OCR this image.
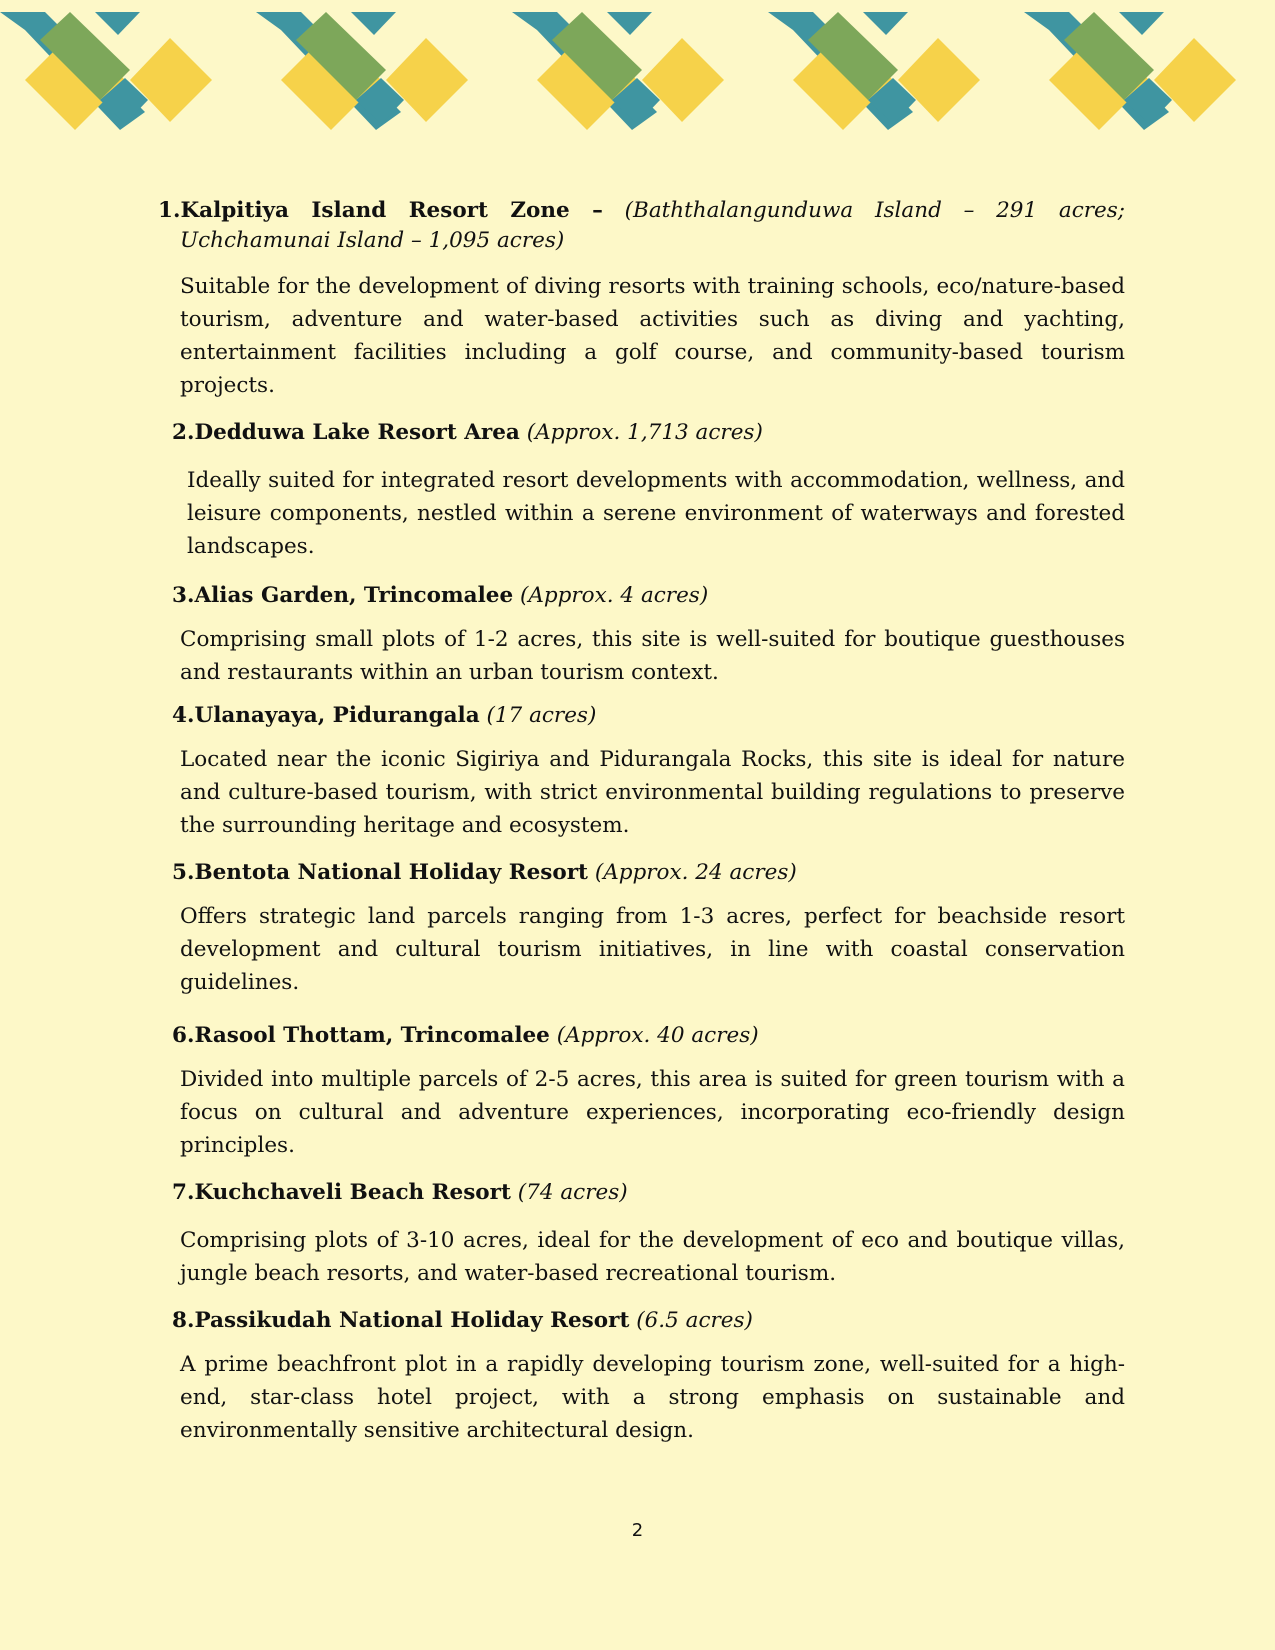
1.Kalpitiya Island Resort Zone – (Baththalangunduwa Island – 291 acres; Uchchamunai Island – 1,095 acres)

Suitable for the development of diving resorts with training schools, eco/nature-based tourism, adventure and water-based activities such as diving and yachting, entertainment facilities including a golf course, and community-based tourism projects.

2.Dedduwa Lake Resort Area (Approx. 1,713 acres)

Ideally suited for integrated resort developments with accommodation, wellness, and leisure components, nestled within a serene environment of waterways and forested landscapes.

3.Alias Garden, Trincomalee (Approx. 4 acres)

Comprising small plots of 1-2 acres, this site is well-suited for boutique guesthouses and restaurants within an urban tourism context.

4.Ulanayaya, Pidurangala (17 acres)

Located near the iconic Sigiriya and Pidurangala Rocks, this site is ideal for nature and culture-based tourism, with strict environmental building regulations to preserve the surrounding heritage and ecosystem.

5.Bentota National Holiday Resort (Approx. 24 acres)

Offers strategic land parcels ranging from 1-3 acres, perfect for beachside resort development and cultural tourism initiatives, in line with coastal conservation guidelines.

6.Rasool Thottam, Trincomalee (Approx. 40 acres)

Divided into multiple parcels of 2-5 acres, this area is suited for green tourism with a focus on cultural and adventure experiences, incorporating eco-friendly design principles.

7.Kuchchaveli Beach Resort (74 acres)

Comprising plots of 3-10 acres, ideal for the development of eco and boutique villas, jungle beach resorts, and water-based recreational tourism.

8.Passikudah National Holiday Resort (6.5 acres)

A prime beachfront plot in a rapidly developing tourism zone, well-suited for a high-end, star-class hotel project, with a strong emphasis on sustainable and environmentally sensitive architectural design.

2
